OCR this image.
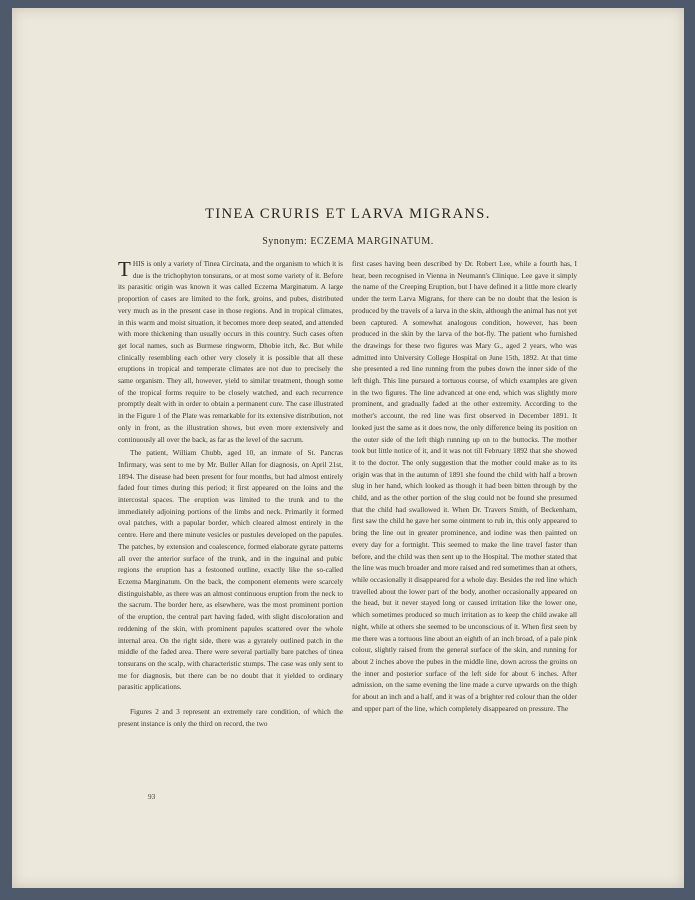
TINEA CRURIS ET LARVA MIGRANS.
Synonym: ECZEMA MARGINATUM.

THIS is only a variety of Tinea Circinata, and the organism to which it is due is the trichophyton tonsurans, or at most some variety of it. Before its parasitic origin was known it was called Eczema Marginatum. A large proportion of cases are limited to the fork, groins, and pubes, distributed very much as in the present case in those regions. And in tropical climates, in this warm and moist situation, it becomes more deep seated, and attended with more thickening than usually occurs in this country. Such cases often get local names, such as Burmese ringworm, Dhobie itch, &c. But while clinically resembling each other very closely it is possible that all these eruptions in tropical and temperate climates are not due to precisely the same organism. They all, however, yield to similar treatment, though some of the tropical forms require to be closely watched, and each recurrence promptly dealt with in order to obtain a permanent cure. The case illustrated in the Figure 1 of the Plate was remarkable for its extensive distribution, not only in front, as the illustration shows, but even more extensively and continuously all over the back, as far as the level of the sacrum.

The patient, William Chubb, aged 10, an inmate of St. Pancras Infirmary, was sent to me by Mr. Buller Allan for diagnosis, on April 21st, 1894. The disease had been present for four months, but had almost entirely faded four times during this period; it first appeared on the loins and the intercostal spaces. The eruption was limited to the trunk and to the immediately adjoining portions of the limbs and neck. Primarily it formed oval patches, with a papular border, which cleared almost entirely in the centre. Here and there minute vesicles or pustules developed on the papules. The patches, by extension and coalescence, formed elaborate gyrate patterns all over the anterior surface of the trunk, and in the inguinal and pubic regions the eruption has a festooned outline, exactly like the so-called Eczema Marginatum. On the back, the component elements were scarcely distinguishable, as there was an almost continuous eruption from the neck to the sacrum. The border here, as elsewhere, was the most prominent portion of the eruption, the central part having faded, with slight discoloration and reddening of the skin, with prominent papules scattered over the whole internal area. On the right side, there was a gyrately outlined patch in the middle of the faded area. There were several partially bare patches of tinea tonsurans on the scalp, with characteristic stumps. The case was only sent to me for diagnosis, but there can be no doubt that it yielded to ordinary parasitic applications.

Figures 2 and 3 represent an extremely rare condition, of which the present instance is only the third on record, the two

first cases having been described by Dr. Robert Lee, while a fourth has, I hear, been recognised in Vienna in Neumann's Clinique. Lee gave it simply the name of the Creeping Eruption, but I have defined it a little more clearly under the term Larva Migrans, for there can be no doubt that the lesion is produced by the travels of a larva in the skin, although the animal has not yet been captured. A somewhat analogous condition, however, has been produced in the skin by the larva of the bot-fly. The patient who furnished the drawings for these two figures was Mary G., aged 2 years, who was admitted into University College Hospital on June 15th, 1892. At that time she presented a red line running from the pubes down the inner side of the left thigh. This line pursued a tortuous course, of which examples are given in the two figures. The line advanced at one end, which was slightly more prominent, and gradually faded at the other extremity. According to the mother's account, the red line was first observed in December 1891. It looked just the same as it does now, the only difference being its position on the outer side of the left thigh running up on to the buttocks. The mother took but little notice of it, and it was not till February 1892 that she showed it to the doctor. The only suggestion that the mother could make as to its origin was that in the autumn of 1891 she found the child with half a brown slug in her hand, which looked as though it had been bitten through by the child, and as the other portion of the slug could not be found she presumed that the child had swallowed it. When Dr. Travers Smith, of Beckenham, first saw the child he gave her some ointment to rub in, this only appeared to bring the line out in greater prominence, and iodine was then painted on every day for a fortnight. This seemed to make the line travel faster than before, and the child was then sent up to the Hospital. The mother stated that the line was much broader and more raised and red sometimes than at others, while occasionally it disappeared for a whole day. Besides the red line which travelled about the lower part of the body, another occasionally appeared on the head, but it never stayed long or caused irritation like the lower one, which sometimes produced so much irritation as to keep the child awake all night, while at others she seemed to be unconscious of it. When first seen by me there was a tortuous line about an eighth of an inch broad, of a pale pink colour, slightly raised from the general surface of the skin, and running for about 2 inches above the pubes in the middle line, down across the groins on the inner and posterior surface of the left side for about 6 inches. After admission, on the same evening the line made a curve upwards on the thigh for about an inch and a half, and it was of a brighter red colour than the older and upper part of the line, which completely disappeared on pressure. The

93
